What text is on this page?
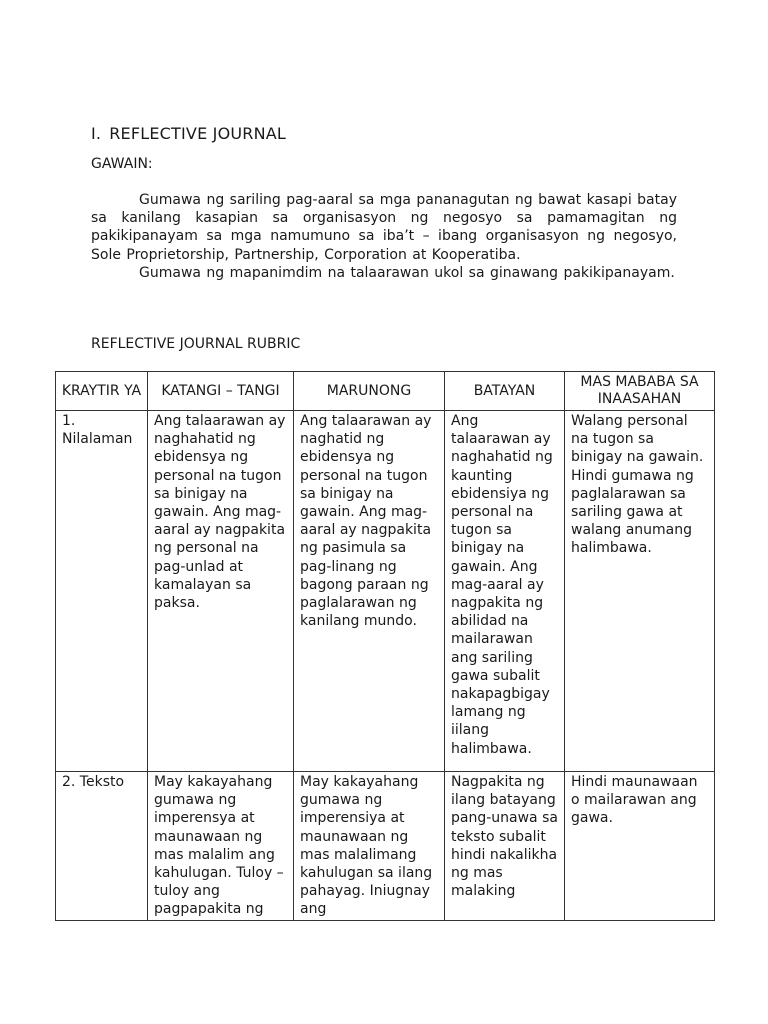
I. REFLECTIVE JOURNAL
GAWAIN:

Gumawa ng sariling pag-aaral sa mga pananagutan ng bawat kasapi batay sa kanilang kasapian sa organisasyon ng negosyo sa pamamagitan ng pakikipanayam sa mga namumuno sa iba’t – ibang organisasyon ng negosyo, Sole Proprietorship, Partnership, Corporation at Kooperatiba.

Gumawa ng mapanimdim na talaarawan ukol sa ginawang pakikipanayam.

REFLECTIVE JOURNAL RUBRIC
KRAYTIR YA	KATANGI – TANGI	MARUNONG	BATAYAN	MAS MABABA SA INAASAHAN
1. Nilalaman	Ang talaarawan ay naghahatid ng ebidensya ng personal na tugon sa binigay na gawain. Ang mag-aaral ay nagpakita ng personal na pag-unlad at kamalayan sa paksa.	Ang talaarawan ay naghatid ng ebidensya ng personal na tugon sa binigay na gawain. Ang mag-aaral ay nagpakita ng pasimula sa pag-linang ng bagong paraan ng paglalarawan ng kanilang mundo.	Ang talaarawan ay naghahatid ng kaunting ebidensiya ng personal na tugon sa binigay na gawain. Ang mag-aaral ay nagpakita ng abilidad na mailarawan ang sariling gawa subalit nakapagbigay lamang ng iilang halimbawa.	Walang personal na tugon sa binigay na gawain. Hindi gumawa ng paglalarawan sa sariling gawa at walang anumang halimbawa.
2. Teksto	May kakayahang gumawa ng imperensya at maunawaan ng mas malalim ang kahulugan. Tuloy –tuloy ang pagpapakita ng	May kakayahang gumawa ng imperensiya at maunawaan ng mas malalimang kahulugan sa ilang pahayag. Iniugnay ang	Nagpakita ng ilang batayang pang-unawa sa teksto subalit hindi nakalikha ng mas malaking	Hindi maunawaan o mailarawan ang gawa.
